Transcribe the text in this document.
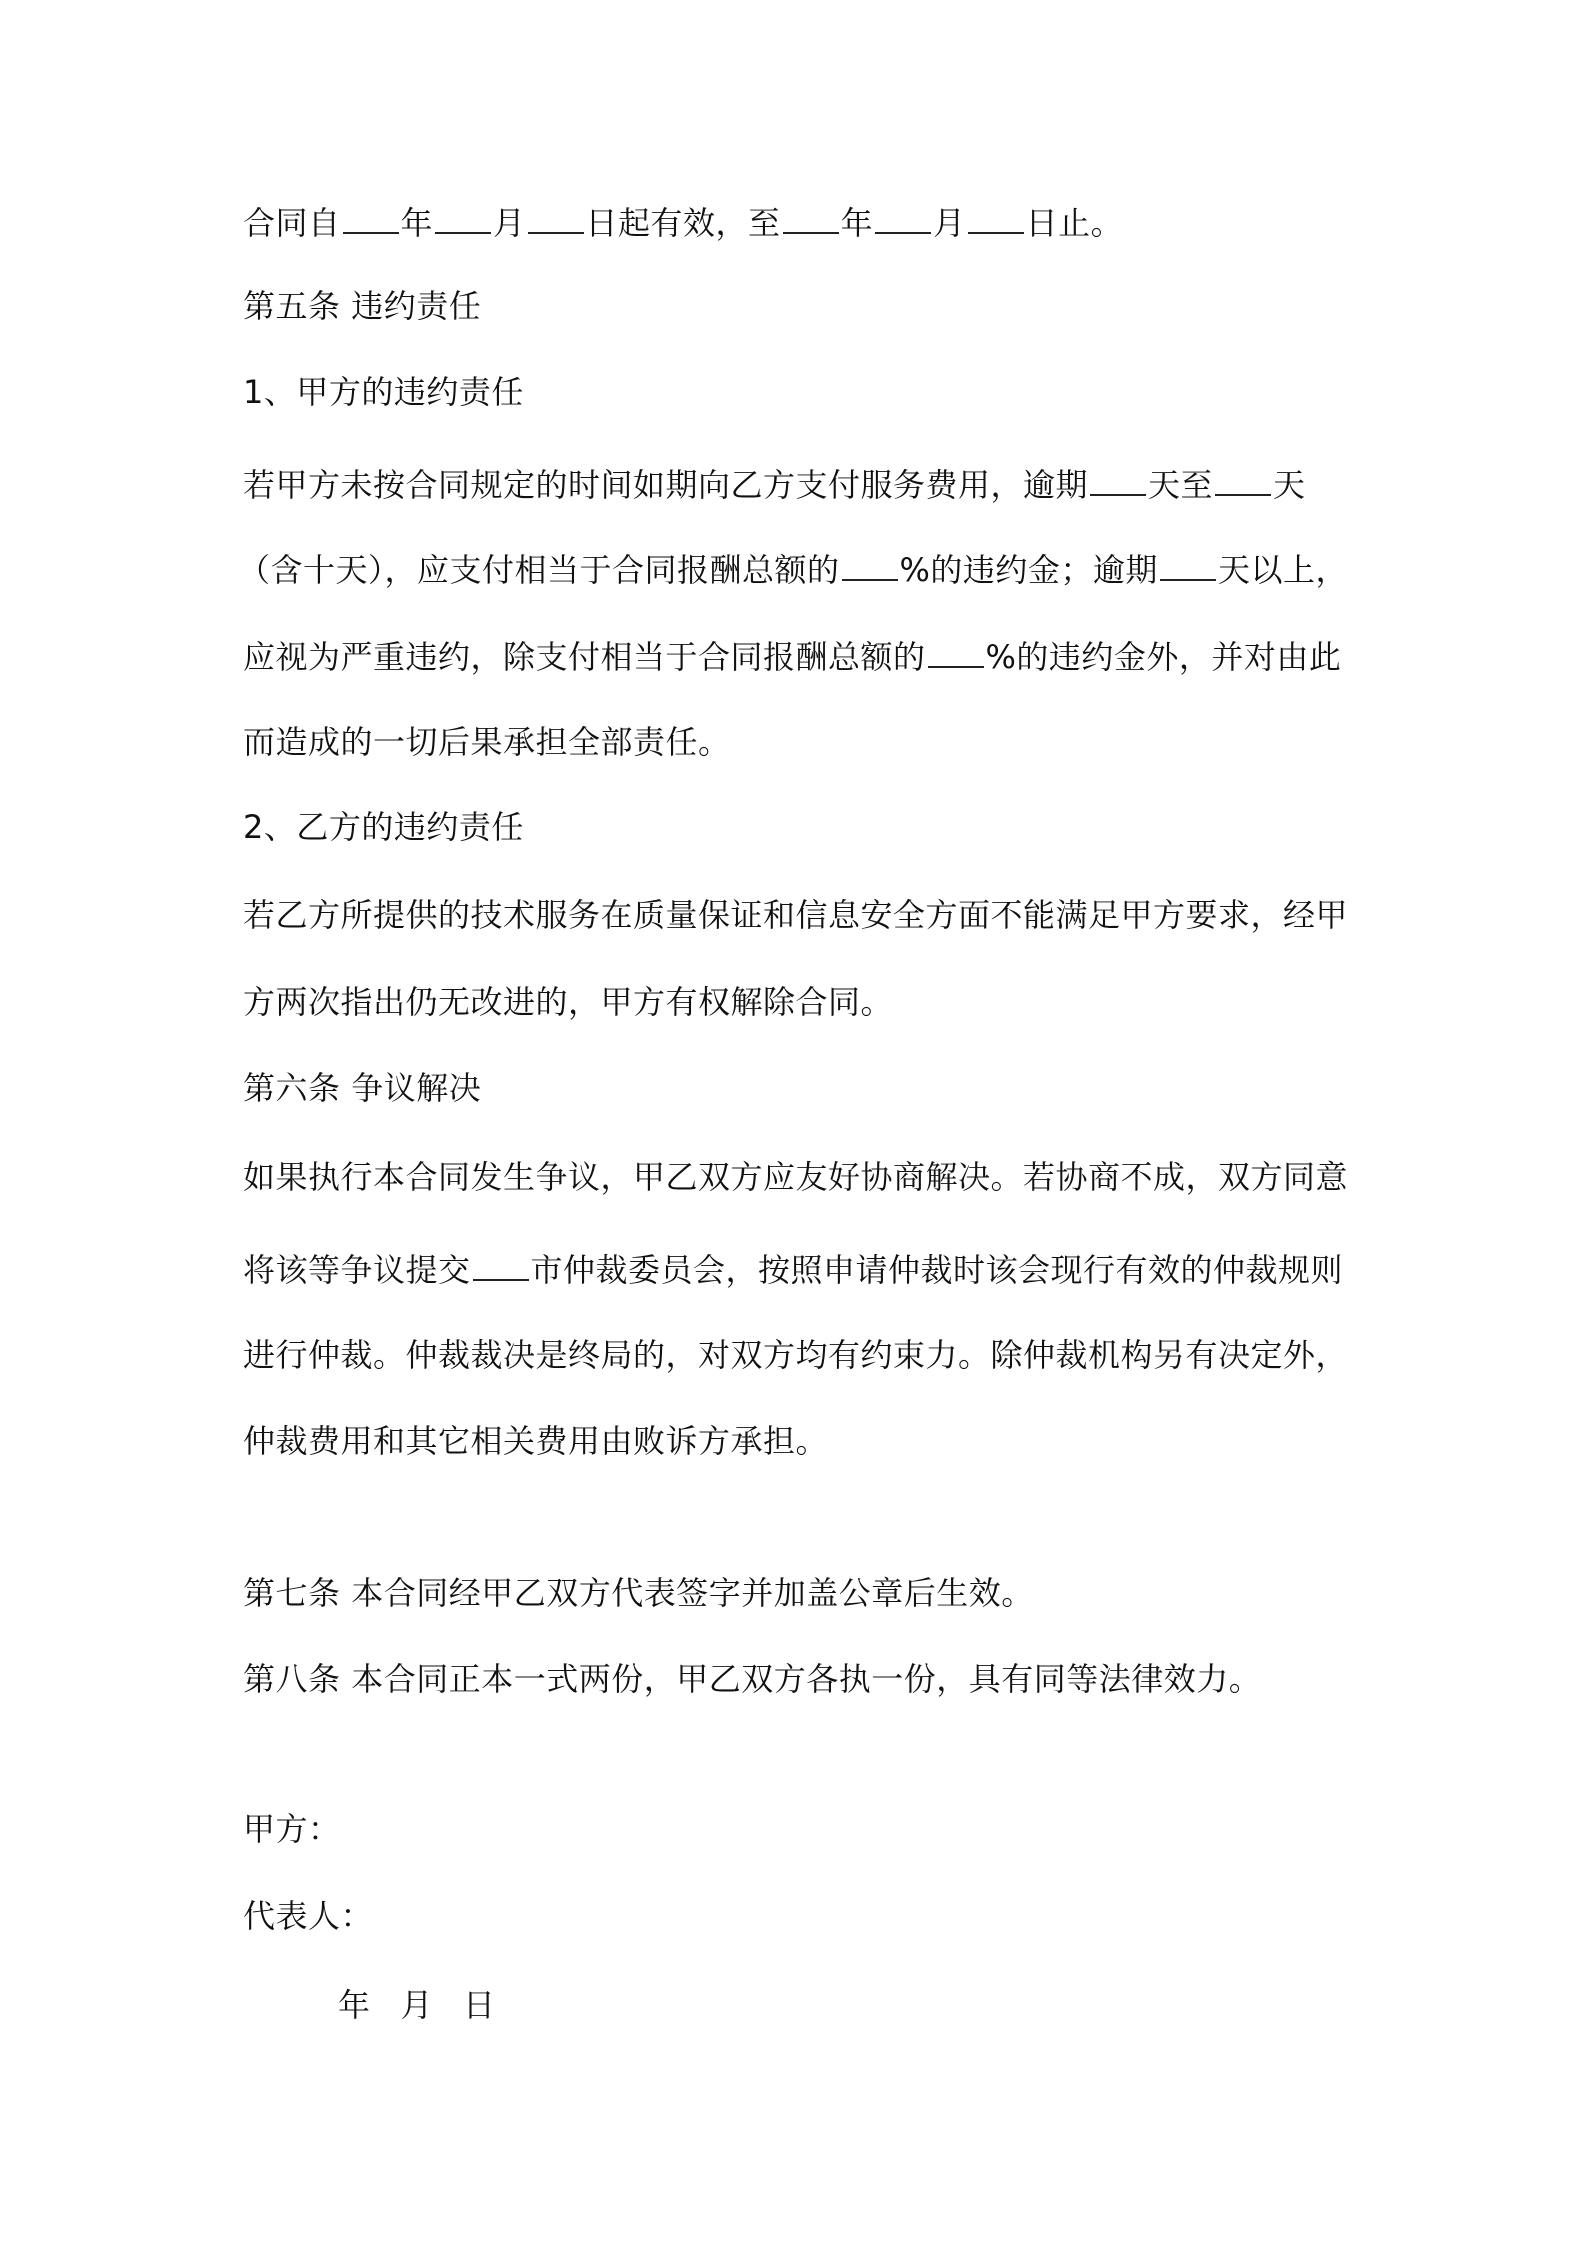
合同自 年 月 日起有效，至 年 月 日止。
第五条 违约责任
1、甲方的违约责任
若甲方未按合同规定的时间如期向乙方支付服务费用，逾期 天至 天
（含十天），应支付相当于合同报酬总额的 %的违约金；逾期 天以上，
应视为严重违约，除支付相当于合同报酬总额的 %的违约金外，并对由此
而造成的一切后果承担全部责任。
2、乙方的违约责任
若乙方所提供的技术服务在质量保证和信息安全方面不能满足甲方要求，经甲
方两次指出仍无改进的，甲方有权解除合同。
第六条 争议解决
如果执行本合同发生争议，甲乙双方应友好协商解决。若协商不成，双方同意
将该等争议提交 市仲裁委员会，按照申请仲裁时该会现行有效的仲裁规则
进行仲裁。仲裁裁决是终局的，对双方均有约束力。除仲裁机构另有决定外，
仲裁费用和其它相关费用由败诉方承担。
第七条 本合同经甲乙双方代表签字并加盖公章后生效。
第八条 本合同正本一式两份，甲乙双方各执一份，具有同等法律效力。
甲方：
代表人：
年 月 日
